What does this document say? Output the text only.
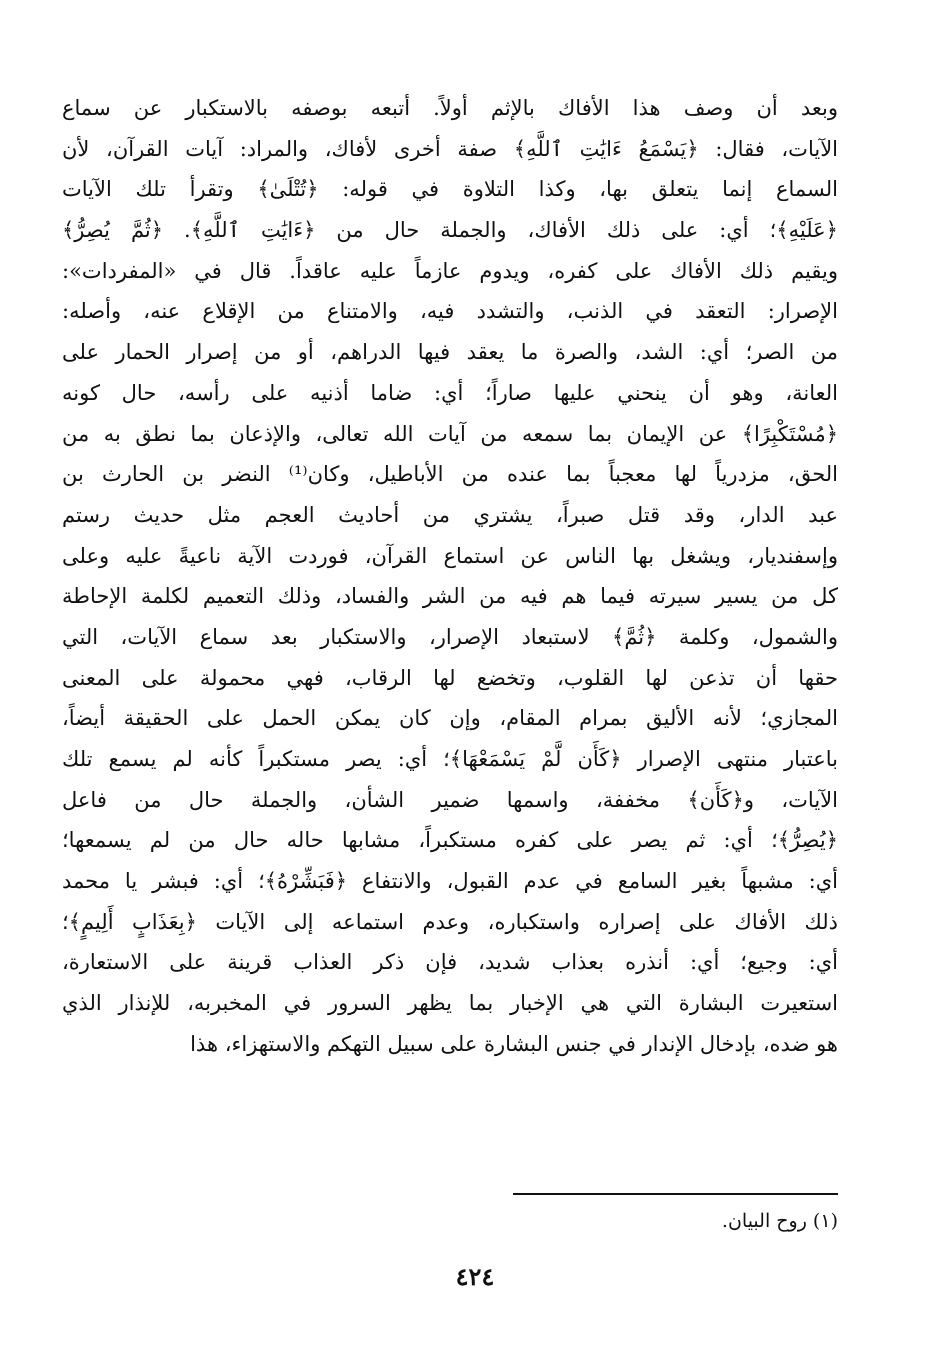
وبعد أن وصف هذا الأفاك بالإثم أولاً. أتبعه بوصفه بالاستكبار عن سماع
الآيات، فقال: ﴿يَسْمَعُ ءَايَٰتِ ٱللَّهِ﴾ صفة أخرى لأفاك، والمراد: آيات القرآن، لأن
السماع إنما يتعلق بها، وكذا التلاوة في قوله: ﴿تُتْلَىٰ﴾ وتقرأ تلك الآيات
﴿عَلَيْهِ﴾؛ أي: على ذلك الأفاك، والجملة حال من ﴿ءَايَٰتِ ٱللَّهِ﴾. ﴿ثُمَّ يُصِرُّ﴾
ويقيم ذلك الأفاك على كفره، ويدوم عازماً عليه عاقداً. قال في «المفردات»:
الإصرار: التعقد في الذنب، والتشدد فيه، والامتناع من الإقلاع عنه، وأصله:
من الصر؛ أي: الشد، والصرة ما يعقد فيها الدراهم، أو من إصرار الحمار على
العانة، وهو أن ينحني عليها صاراً؛ أي: ضاما أذنيه على رأسه، حال كونه
﴿مُسْتَكْبِرًا﴾ عن الإيمان بما سمعه من آيات الله تعالى، والإذعان بما نطق به من
الحق، مزدرياً لها معجباً بما عنده من الأباطيل، وكان⁽¹⁾ النضر بن الحارث بن
عبد الدار، وقد قتل صبراً، يشتري من أحاديث العجم مثل حديث رستم
وإسفنديار، ويشغل بها الناس عن استماع القرآن، فوردت الآية ناعيةً عليه وعلى
كل من يسير سيرته فيما هم فيه من الشر والفساد، وذلك التعميم لكلمة الإحاطة
والشمول، وكلمة ﴿ثُمَّ﴾ لاستبعاد الإصرار، والاستكبار بعد سماع الآيات، التي
حقها أن تذعن لها القلوب، وتخضع لها الرقاب، فهي محمولة على المعنى
المجازي؛ لأنه الأليق بمرام المقام، وإن كان يمكن الحمل على الحقيقة أيضاً،
باعتبار منتهى الإصرار ﴿كَأَن لَّمْ يَسْمَعْهَا﴾؛ أي: يصر مستكبراً كأنه لم يسمع تلك
الآيات، و﴿كَأَن﴾ مخففة، واسمها ضمير الشأن، والجملة حال من فاعل
﴿يُصِرُّ﴾؛ أي: ثم يصر على كفره مستكبراً، مشابها حاله حال من لم يسمعها؛
أي: مشبهاً بغير السامع في عدم القبول، والانتفاع ﴿فَبَشِّرْهُ﴾؛ أي: فبشر يا محمد
ذلك الأفاك على إصراره واستكباره، وعدم استماعه إلى الآيات ﴿بِعَذَابٍ أَلِيمٍ﴾؛
أي: وجيع؛ أي: أنذره بعذاب شديد، فإن ذكر العذاب قرينة على الاستعارة،
استعيرت البشارة التي هي الإخبار بما يظهر السرور في المخبربه، للإنذار الذي
هو ضده، بإدخال الإندار في جنس البشارة على سبيل التهكم والاستهزاء، هذا

(١) روح البيان.

٤٢٤
